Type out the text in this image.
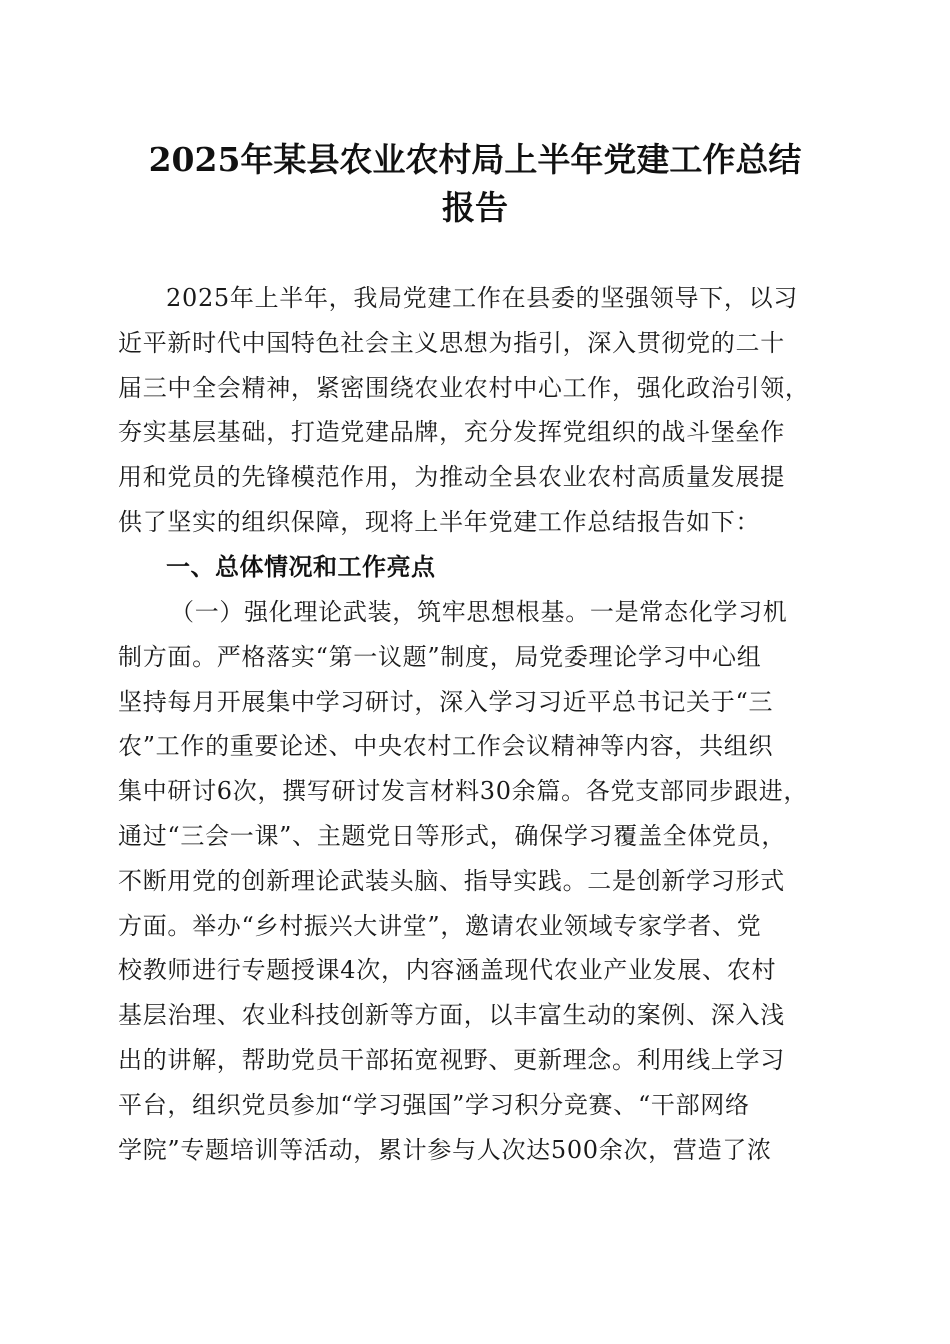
2025年某县农业农村局上半年党建工作总结
报告
2025年上半年，我局党建工作在县委的坚强领导下，以习
近平新时代中国特色社会主义思想为指引，深入贯彻党的二十
届三中全会精神，紧密围绕农业农村中心工作，强化政治引领，
夯实基层基础，打造党建品牌，充分发挥党组织的战斗堡垒作
用和党员的先锋模范作用，为推动全县农业农村高质量发展提
供了坚实的组织保障，现将上半年党建工作总结报告如下：
一、总体情况和工作亮点
（一）强化理论武装，筑牢思想根基。一是常态化学习机
制方面。严格落实“第一议题”制度，局党委理论学习中心组
坚持每月开展集中学习研讨，深入学习习近平总书记关于“三
农”工作的重要论述、中央农村工作会议精神等内容，共组织
集中研讨6次，撰写研讨发言材料30余篇。各党支部同步跟进，
通过“三会一课”、主题党日等形式，确保学习覆盖全体党员，
不断用党的创新理论武装头脑、指导实践。二是创新学习形式
方面。举办“乡村振兴大讲堂”，邀请农业领域专家学者、党
校教师进行专题授课4次，内容涵盖现代农业产业发展、农村
基层治理、农业科技创新等方面，以丰富生动的案例、深入浅
出的讲解，帮助党员干部拓宽视野、更新理念。利用线上学习
平台，组织党员参加“学习强国”学习积分竞赛、“干部网络
学院”专题培训等活动，累计参与人次达500余次，营造了浓
